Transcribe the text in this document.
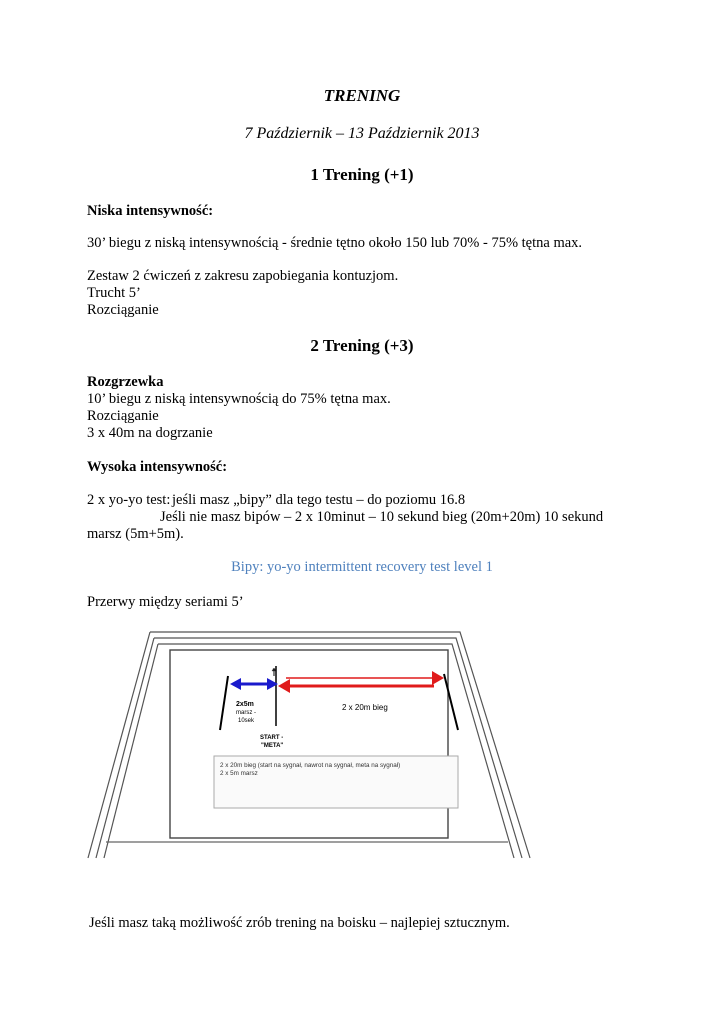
TRENING
7 Październik – 13 Październik 2013
1 Trening (+1)
Niska intensywność:
30’ biegu z niską intensywnością - średnie tętno około 150 lub 70% - 75% tętna max.
Zestaw 2 ćwiczeń z zakresu zapobiegania kontuzjom.
Trucht 5’
Rozciąganie
2 Trening (+3)
Rozgrzewka
10’ biegu z niską intensywnością do 75% tętna max.
Rozciąganie
3 x 40m na dogrzanie
Wysoka intensywność:
2 x yo-yo test: jeśli masz „bipy” dla tego testu – do poziomu 16.8
Jeśli nie masz bipów – 2 x 10minut – 10 sekund bieg (20m+20m) 10 sekund
marsz (5m+5m).
Bipy: yo-yo intermittent recovery test level 1
Przerwy między seriami 5’
☨
2x5m
marsz -
10sek
2 x 20m bieg
START -
"META"
2 x 20m bieg (start na sygnał, nawrot na sygnał, meta na sygnał)
2 x 5m marsz
Jeśli masz taką możliwość zrób trening na boisku – najlepiej sztucznym.
